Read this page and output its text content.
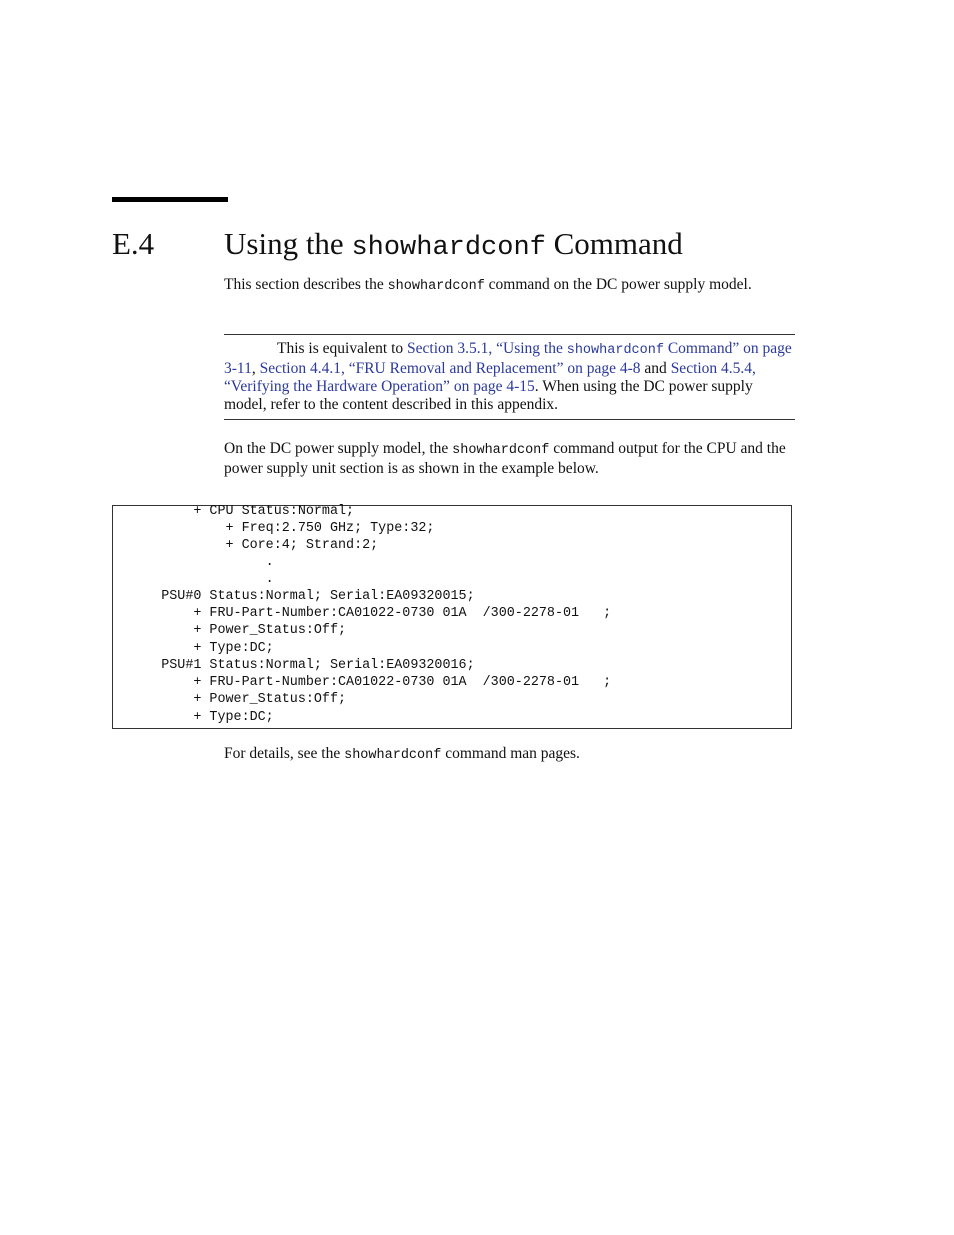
E.4 Using the showhardconf Command
This section describes the showhardconf command on the DC power supply model.
This is equivalent to Section 3.5.1, “Using the showhardconf Command” on page 3-11, Section 4.4.1, “FRU Removal and Replacement” on page 4-8 and Section 4.5.4, “Verifying the Hardware Operation” on page 4-15. When using the DC power supply model, refer to the content described in this appendix.
On the DC power supply model, the showhardconf command output for the CPU and the power supply unit section is as shown in the example below.
+ CPU Status:Normal;
+ Freq:2.750 GHz; Type:32;
+ Core:4; Strand:2;
.
.
PSU#0 Status:Normal; Serial:EA09320015;
+ FRU-Part-Number:CA01022-0730 01A  /300-2278-01   ;
+ Power_Status:Off;
+ Type:DC;
PSU#1 Status:Normal; Serial:EA09320016;
+ FRU-Part-Number:CA01022-0730 01A  /300-2278-01   ;
+ Power_Status:Off;
+ Type:DC;
For details, see the showhardconf command man pages.
